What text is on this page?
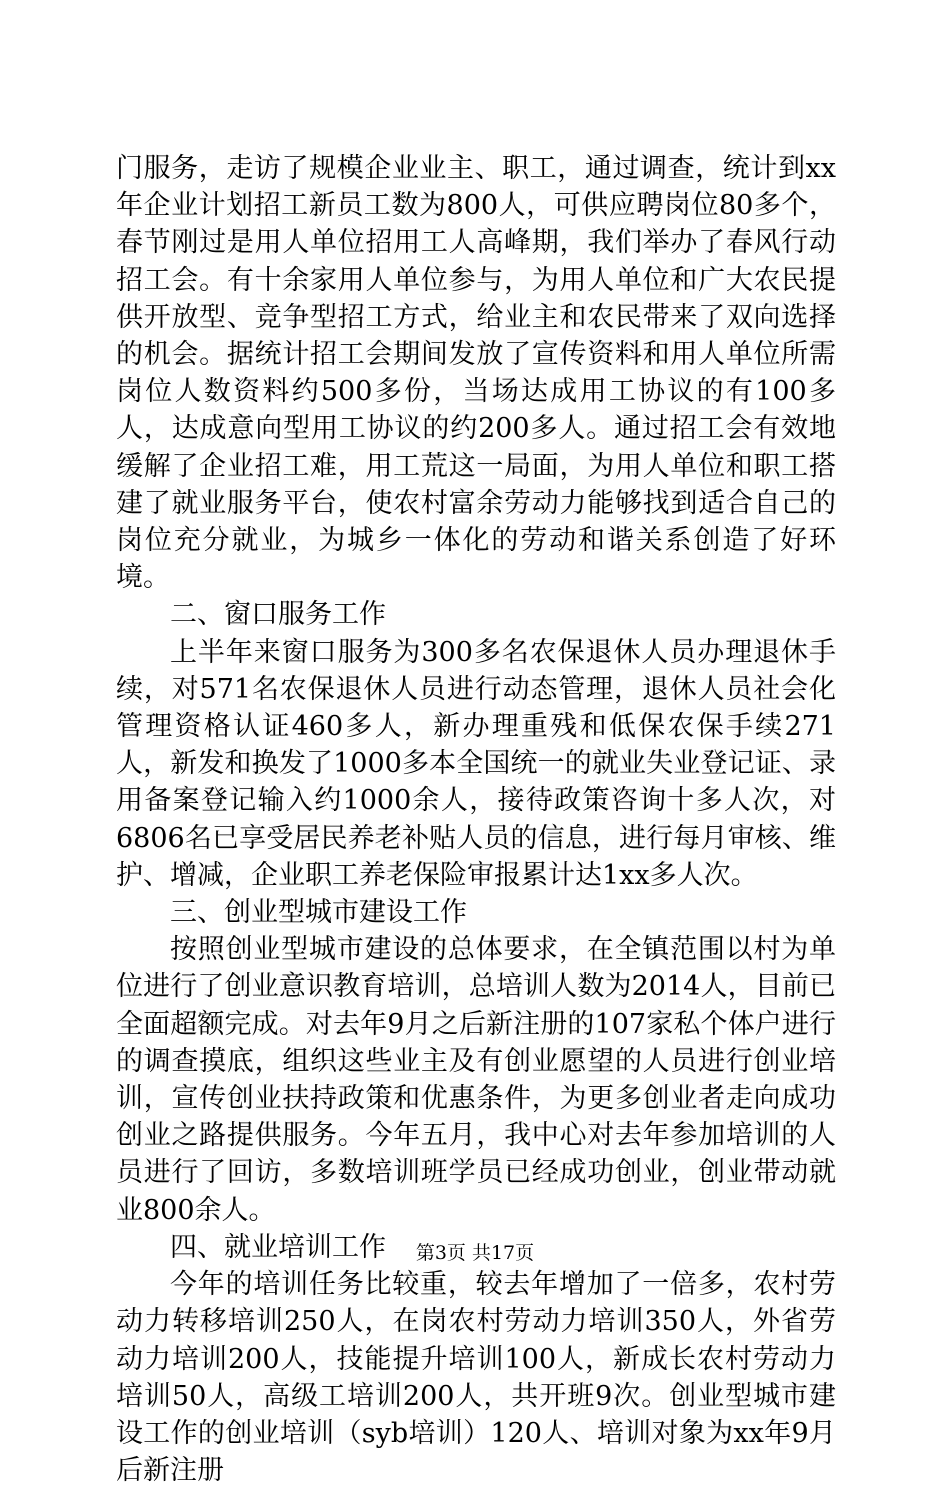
门服务，走访了规模企业业主、职工，通过调查，统计到xx年企业计划招工新员工数为800人，可供应聘岗位80多个，春节刚过是用人单位招用工人高峰期，我们举办了春风行动招工会。有十余家用人单位参与，为用人单位和广大农民提供开放型、竞争型招工方式，给业主和农民带来了双向选择的机会。据统计招工会期间发放了宣传资料和用人单位所需岗位人数资料约500多份，当场达成用工协议的有100多人，达成意向型用工协议的约200多人。通过招工会有效地缓解了企业招工难，用工荒这一局面，为用人单位和职工搭建了就业服务平台，使农村富余劳动力能够找到适合自己的岗位充分就业，为城乡一体化的劳动和谐关系创造了好环境。

二、窗口服务工作

上半年来窗口服务为300多名农保退休人员办理退休手续，对571名农保退休人员进行动态管理，退休人员社会化管理资格认证460多人，新办理重残和低保农保手续271人，新发和换发了1000多本全国统一的就业失业登记证、录用备案登记输入约1000余人，接待政策咨询十多人次，对6806名已享受居民养老补贴人员的信息，进行每月审核、维护、增减，企业职工养老保险审报累计达1xx多人次。

三、创业型城市建设工作

按照创业型城市建设的总体要求，在全镇范围以村为单位进行了创业意识教育培训，总培训人数为2014人，目前已全面超额完成。对去年9月之后新注册的107家私个体户进行的调查摸底，组织这些业主及有创业愿望的人员进行创业培训，宣传创业扶持政策和优惠条件，为更多创业者走向成功创业之路提供服务。今年五月，我中心对去年参加培训的人员进行了回访，多数培训班学员已经成功创业，创业带动就业800余人。

四、就业培训工作

今年的培训任务比较重，较去年增加了一倍多，农村劳动力转移培训250人，在岗农村劳动力培训350人，外省劳动力培训200人，技能提升培训100人，新成长农村劳动力培训50人，高级工培训200人，共开班9次。创业型城市建设工作的创业培训（syb培训）120人、培训对象为xx年9月后新注册

第3页 共17页
